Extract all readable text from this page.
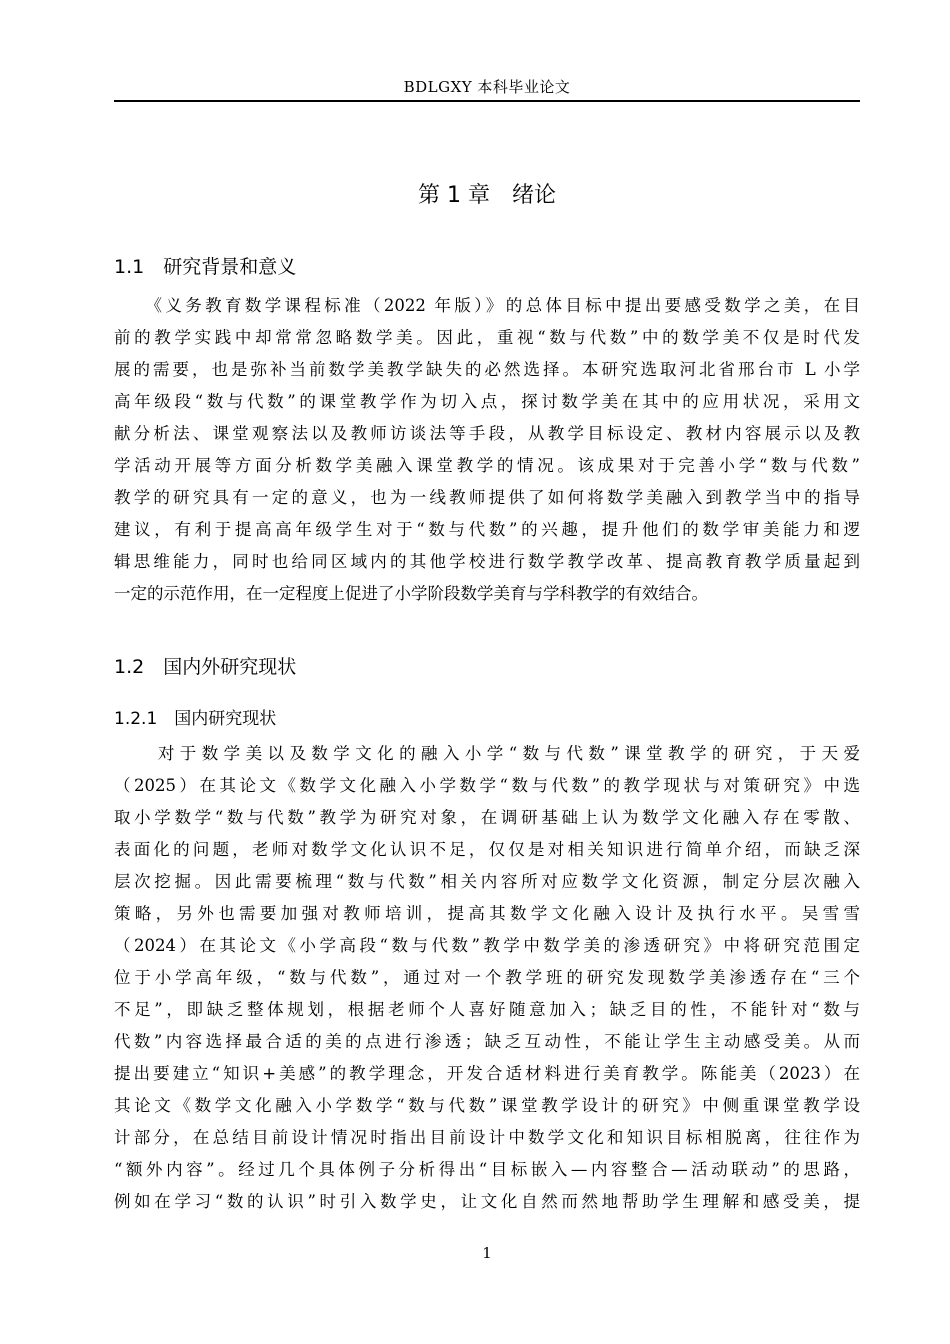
BDLGXY 本科毕业论文
第 1 章　绪论
1.1　研究背景和意义
　　《义务教育数学课程标准（2022 年版）》的总体目标中提出要感受数学之美，在目
前的教学实践中却常常忽略数学美。因此，重视“数与代数”中的数学美不仅是时代发
展的需要，也是弥补当前数学美教学缺失的必然选择。本研究选取河北省邢台市 L 小学
高年级段“数与代数”的课堂教学作为切入点，探讨数学美在其中的应用状况，采用文
献分析法、课堂观察法以及教师访谈法等手段，从教学目标设定、教材内容展示以及教
学活动开展等方面分析数学美融入课堂教学的情况。该成果对于完善小学“数与代数”
教学的研究具有一定的意义，也为一线教师提供了如何将数学美融入到教学当中的指导
建议，有利于提高高年级学生对于“数与代数”的兴趣，提升他们的数学审美能力和逻
辑思维能力，同时也给同区域内的其他学校进行数学教学改革、提高教育教学质量起到
一定的示范作用，在一定程度上促进了小学阶段数学美育与学科教学的有效结合。
1.2　国内外研究现状
1.2.1　国内研究现状
　　对于数学美以及数学文化的融入小学“数与代数”课堂教学的研究，于天爱
（2025）在其论文《数学文化融入小学数学“数与代数”的教学现状与对策研究》中选
取小学数学“数与代数”教学为研究对象，在调研基础上认为数学文化融入存在零散、
表面化的问题，老师对数学文化认识不足，仅仅是对相关知识进行简单介绍，而缺乏深
层次挖掘。因此需要梳理“数与代数”相关内容所对应数学文化资源，制定分层次融入
策略，另外也需要加强对教师培训，提高其数学文化融入设计及执行水平。吴雪雪
（2024）在其论文《小学高段“数与代数”教学中数学美的渗透研究》中将研究范围定
位于小学高年级，“数与代数”，通过对一个教学班的研究发现数学美渗透存在“三个
不足”，即缺乏整体规划，根据老师个人喜好随意加入；缺乏目的性，不能针对“数与
代数”内容选择最合适的美的点进行渗透；缺乏互动性，不能让学生主动感受美。从而
提出要建立“知识+美感”的教学理念，开发合适材料进行美育教学。陈能美（2023）在
其论文《数学文化融入小学数学“数与代数”课堂教学设计的研究》中侧重课堂教学设
计部分，在总结目前设计情况时指出目前设计中数学文化和知识目标相脱离，往往作为
“额外内容”。经过几个具体例子分析得出“目标嵌入—内容整合—活动联动”的思路，
例如在学习“数的认识”时引入数学史，让文化自然而然地帮助学生理解和感受美，提
1
